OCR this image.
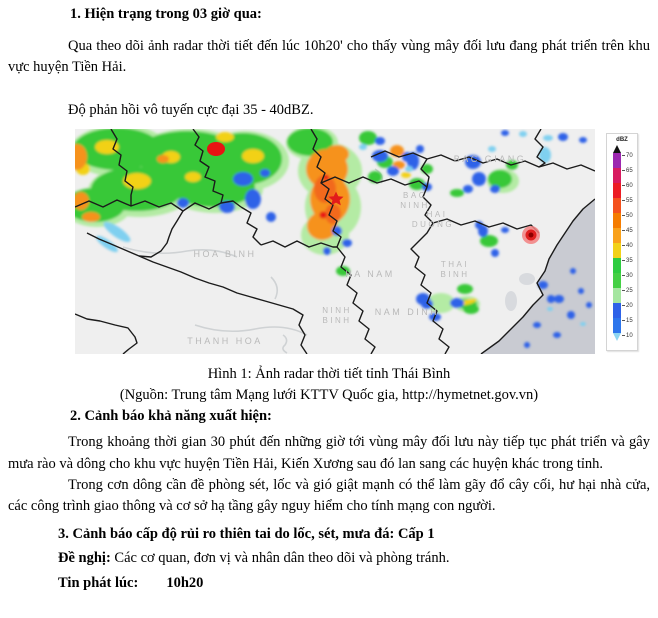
1. Hiện trạng trong 03 giờ qua:

Qua theo dõi ảnh radar thời tiết đến lúc 10h20' cho thấy vùng mây đối lưu đang phát triển trên khu vực huyện Tiền Hải.

Độ phản hồi vô tuyến cực đại 35 - 40dBZ.

BAC GIANG
BAC
NINH
HAI
DUONG
HOA BINH
HA NAM
THAI
BINH
NINH
BINH
NAM DINH
THANH HOA
dBZ
70
65
60
55
50
45
40
35
30
25
20
15
10
Hình 1: Ảnh radar thời tiết tỉnh Thái Bình
(Nguồn: Trung tâm Mạng lưới KTTV Quốc gia, http://hymetnet.gov.vn)

2. Cảnh báo khả năng xuất hiện:

Trong khoảng thời gian 30 phút đến những giờ tới vùng mây đối lưu này tiếp tục phát triển và gây mưa rào và dông cho khu vực huyện Tiền Hải, Kiến Xương sau đó lan sang các huyện khác trong tỉnh.

Trong cơn dông cần đề phòng sét, lốc và gió giật mạnh có thể làm gãy đổ cây cối, hư hại nhà cửa, các công trình giao thông và cơ sở hạ tầng gây nguy hiểm cho tính mạng con người.

3. Cảnh báo cấp độ rủi ro thiên tai do lốc, sét, mưa đá: Cấp 1

Đề nghị: Các cơ quan, đơn vị và nhân dân theo dõi và phòng tránh.

Tin phát lúc: 10h20
